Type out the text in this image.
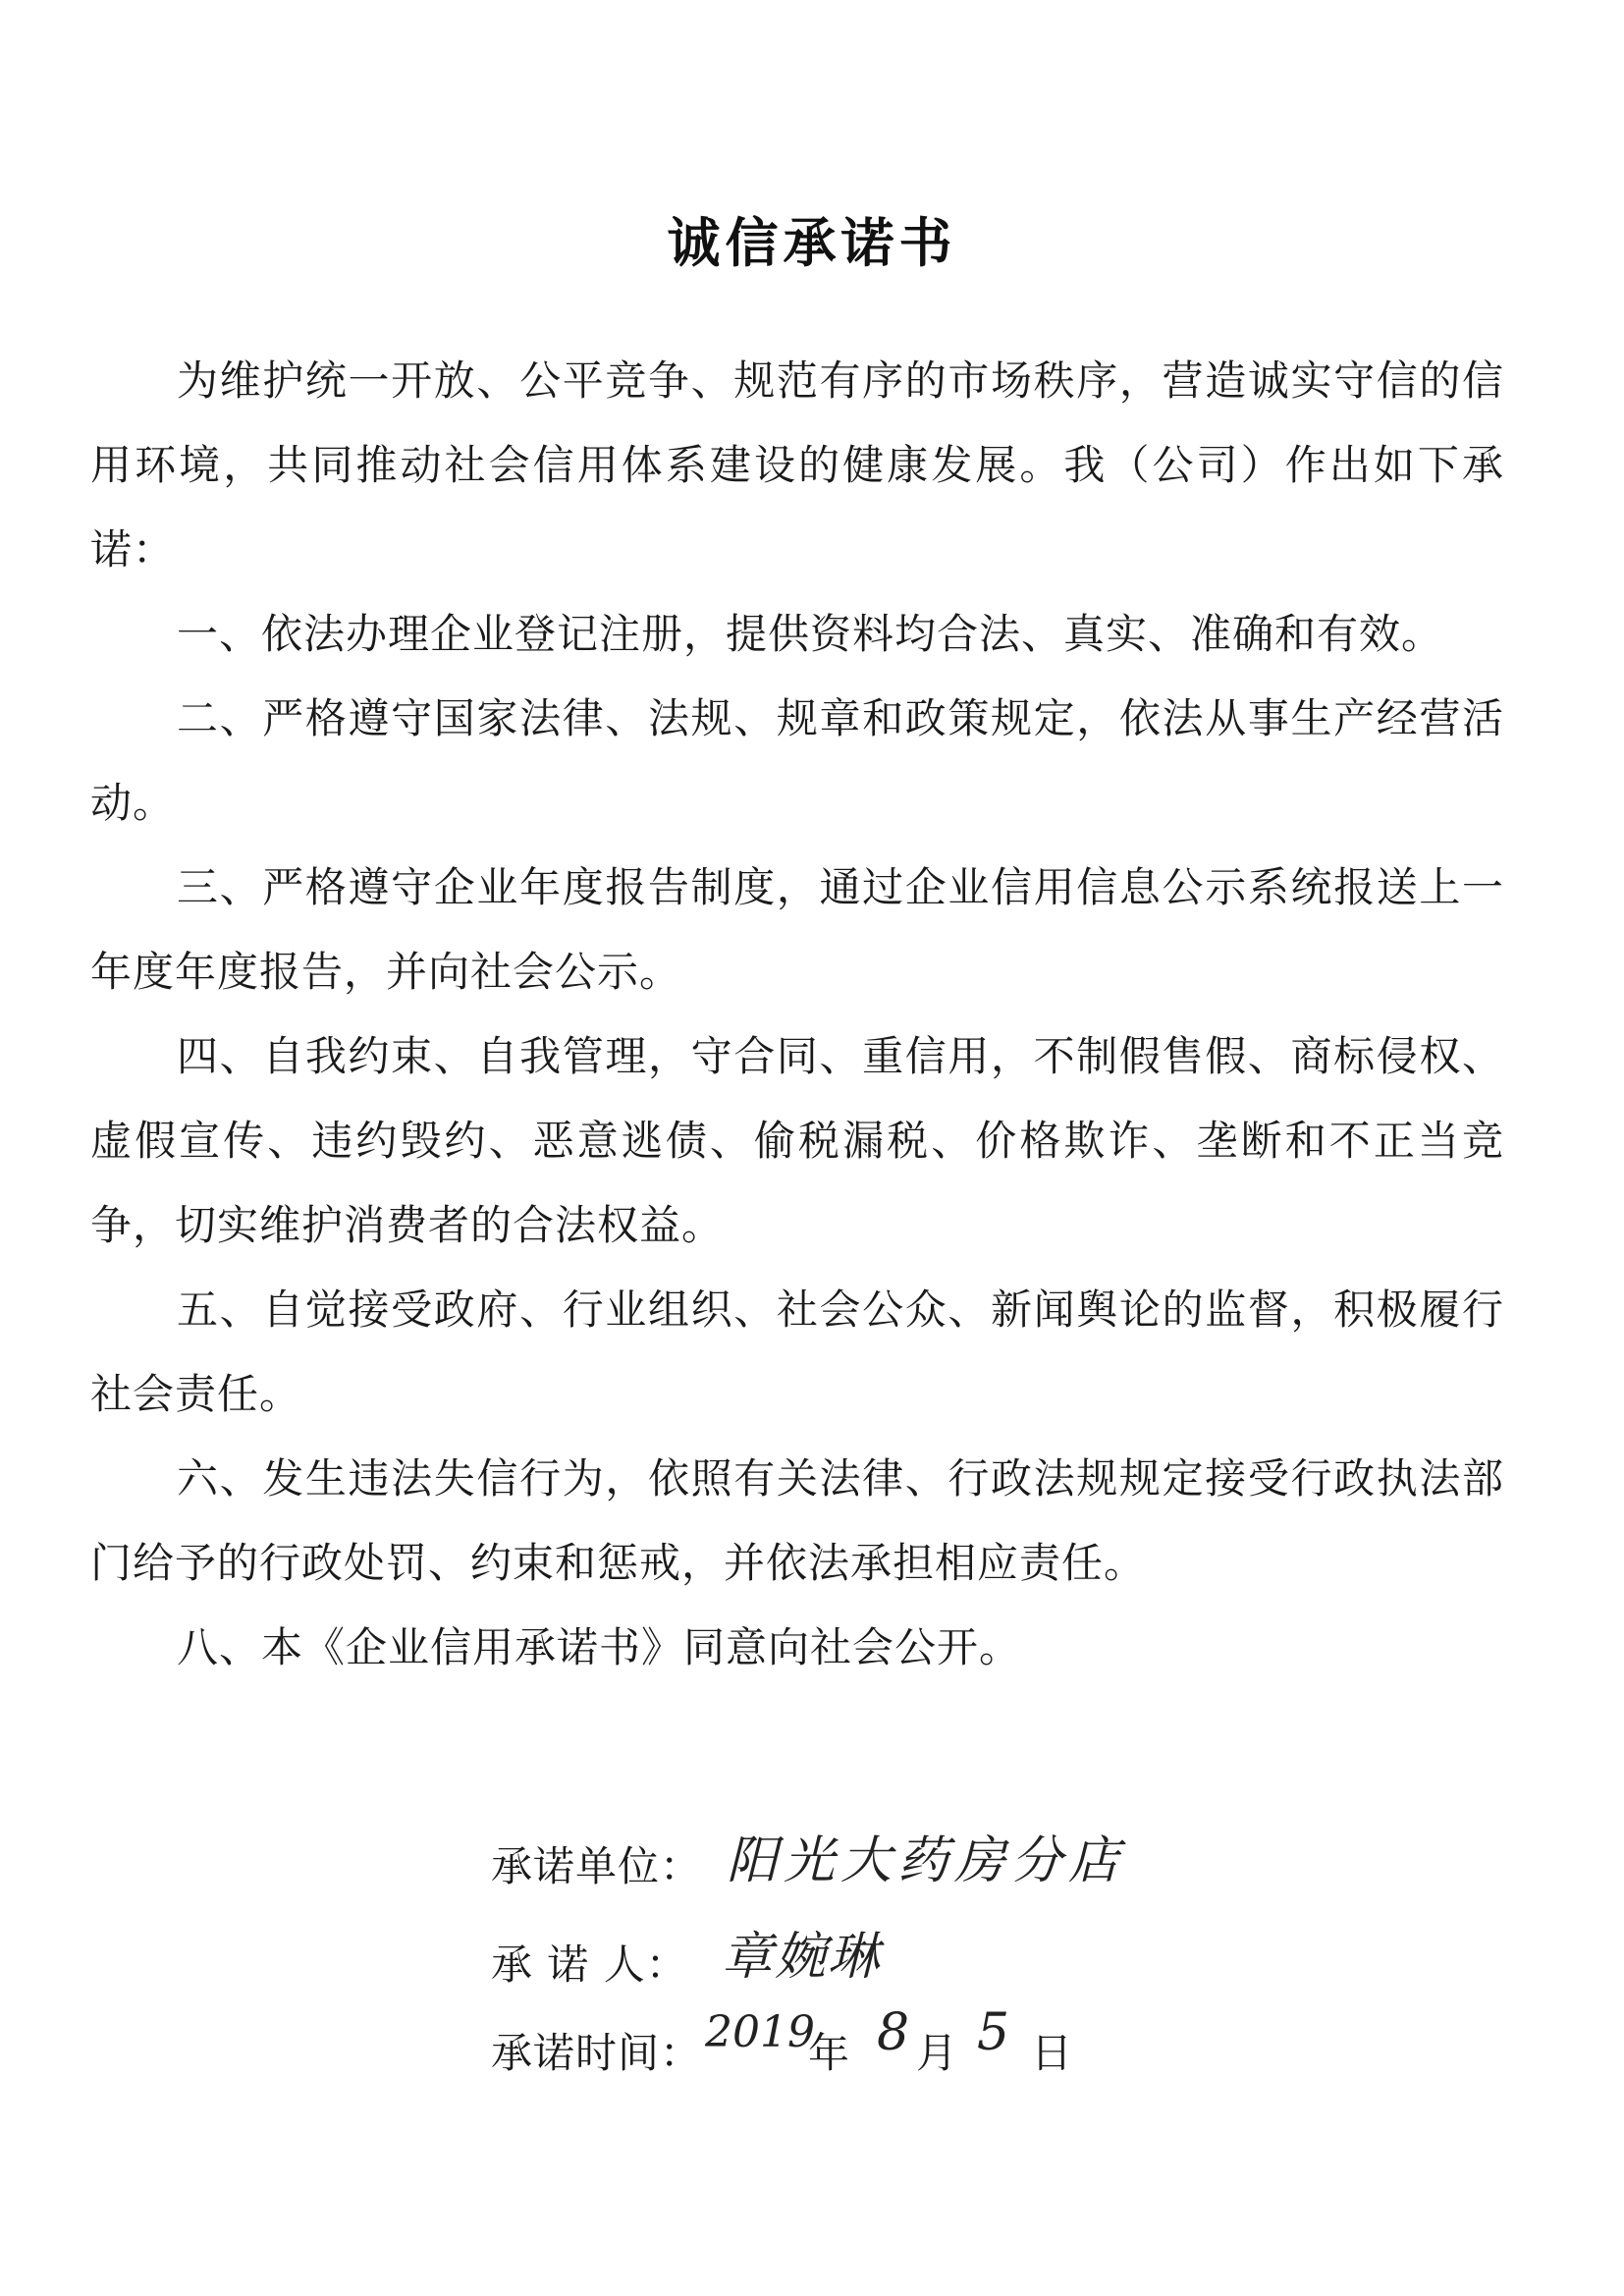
诚信承诺书

为维护统一开放、公平竞争、规范有序的市场秩序，营造诚实守信的信用环境，共同推动社会信用体系建设的健康发展。我（公司）作出如下承诺：

一、依法办理企业登记注册，提供资料均合法、真实、准确和有效。

二、严格遵守国家法律、法规、规章和政策规定，依法从事生产经营活动。

三、严格遵守企业年度报告制度，通过企业信用信息公示系统报送上一年度年度报告，并向社会公示。

四、自我约束、自我管理，守合同、重信用，不制假售假、商标侵权、虚假宣传、违约毁约、恶意逃债、偷税漏税、价格欺诈、垄断和不正当竞争，切实维护消费者的合法权益。

五、自觉接受政府、行业组织、社会公众、新闻舆论的监督，积极履行社会责任。

六、发生违法失信行为，依照有关法律、行政法规规定接受行政执法部门给予的行政处罚、约束和惩戒，并依法承担相应责任。

八、本《企业信用承诺书》同意向社会公开。

承诺单位： 阳光大药房分店
承 诺 人： 章婉琳
承诺时间： 2019
年 8 月 5 日
